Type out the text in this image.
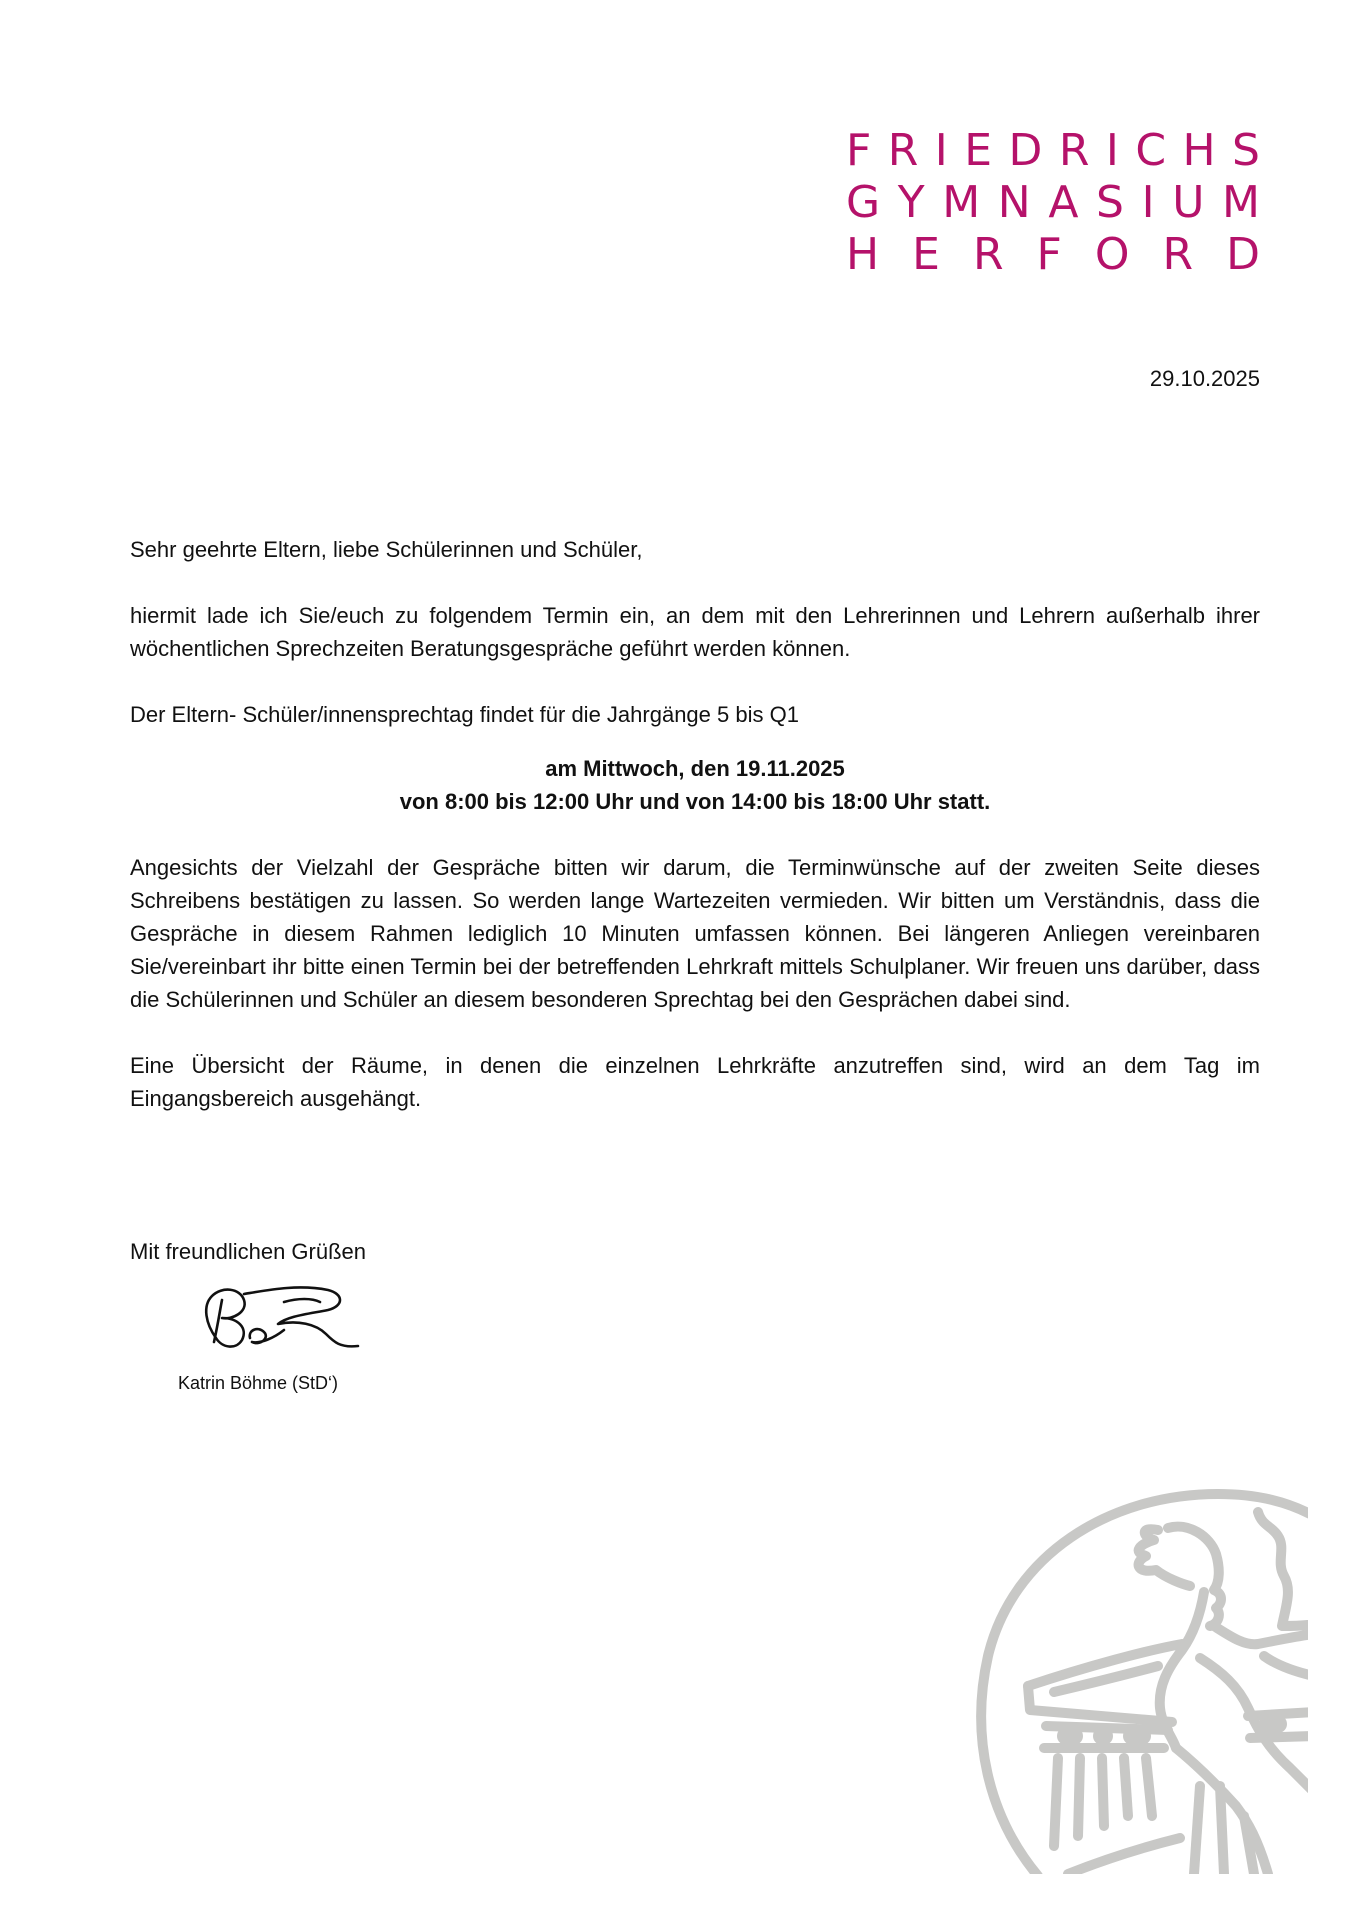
F R I E D R I C H S
G Y M N A S I U M
H E R F O R D
29.10.2025

Sehr geehrte Eltern, liebe Schülerinnen und Schüler,

hiermit lade ich Sie/euch zu folgendem Termin ein, an dem mit den Lehrerinnen und Lehrern außerhalb ihrer wöchentlichen Sprechzeiten Beratungsgespräche geführt werden können.

Der Eltern- Schüler/innensprechtag findet für die Jahrgänge 5 bis Q1

am Mittwoch, den 19.11.2025
von 8:00 bis 12:00 Uhr und von 14:00 bis 18:00 Uhr statt.

Angesichts der Vielzahl der Gespräche bitten wir darum, die Terminwünsche auf der zweiten Seite dieses Schreibens bestätigen zu lassen. So werden lange Wartezeiten vermieden. Wir bitten um Verständnis, dass die Gespräche in diesem Rahmen lediglich 10 Minuten umfassen können. Bei längeren Anliegen vereinbaren Sie/vereinbart ihr bitte einen Termin bei der betreffenden Lehrkraft mittels Schulplaner. Wir freuen uns darüber, dass die Schülerinnen und Schüler an diesem besonderen Sprechtag bei den Gesprächen dabei sind.

Eine Übersicht der Räume, in denen die einzelnen Lehrkräfte anzutreffen sind, wird an dem Tag im Eingangsbereich ausgehängt.

Mit freundlichen Grüßen
Katrin Böhme (StD‘)
